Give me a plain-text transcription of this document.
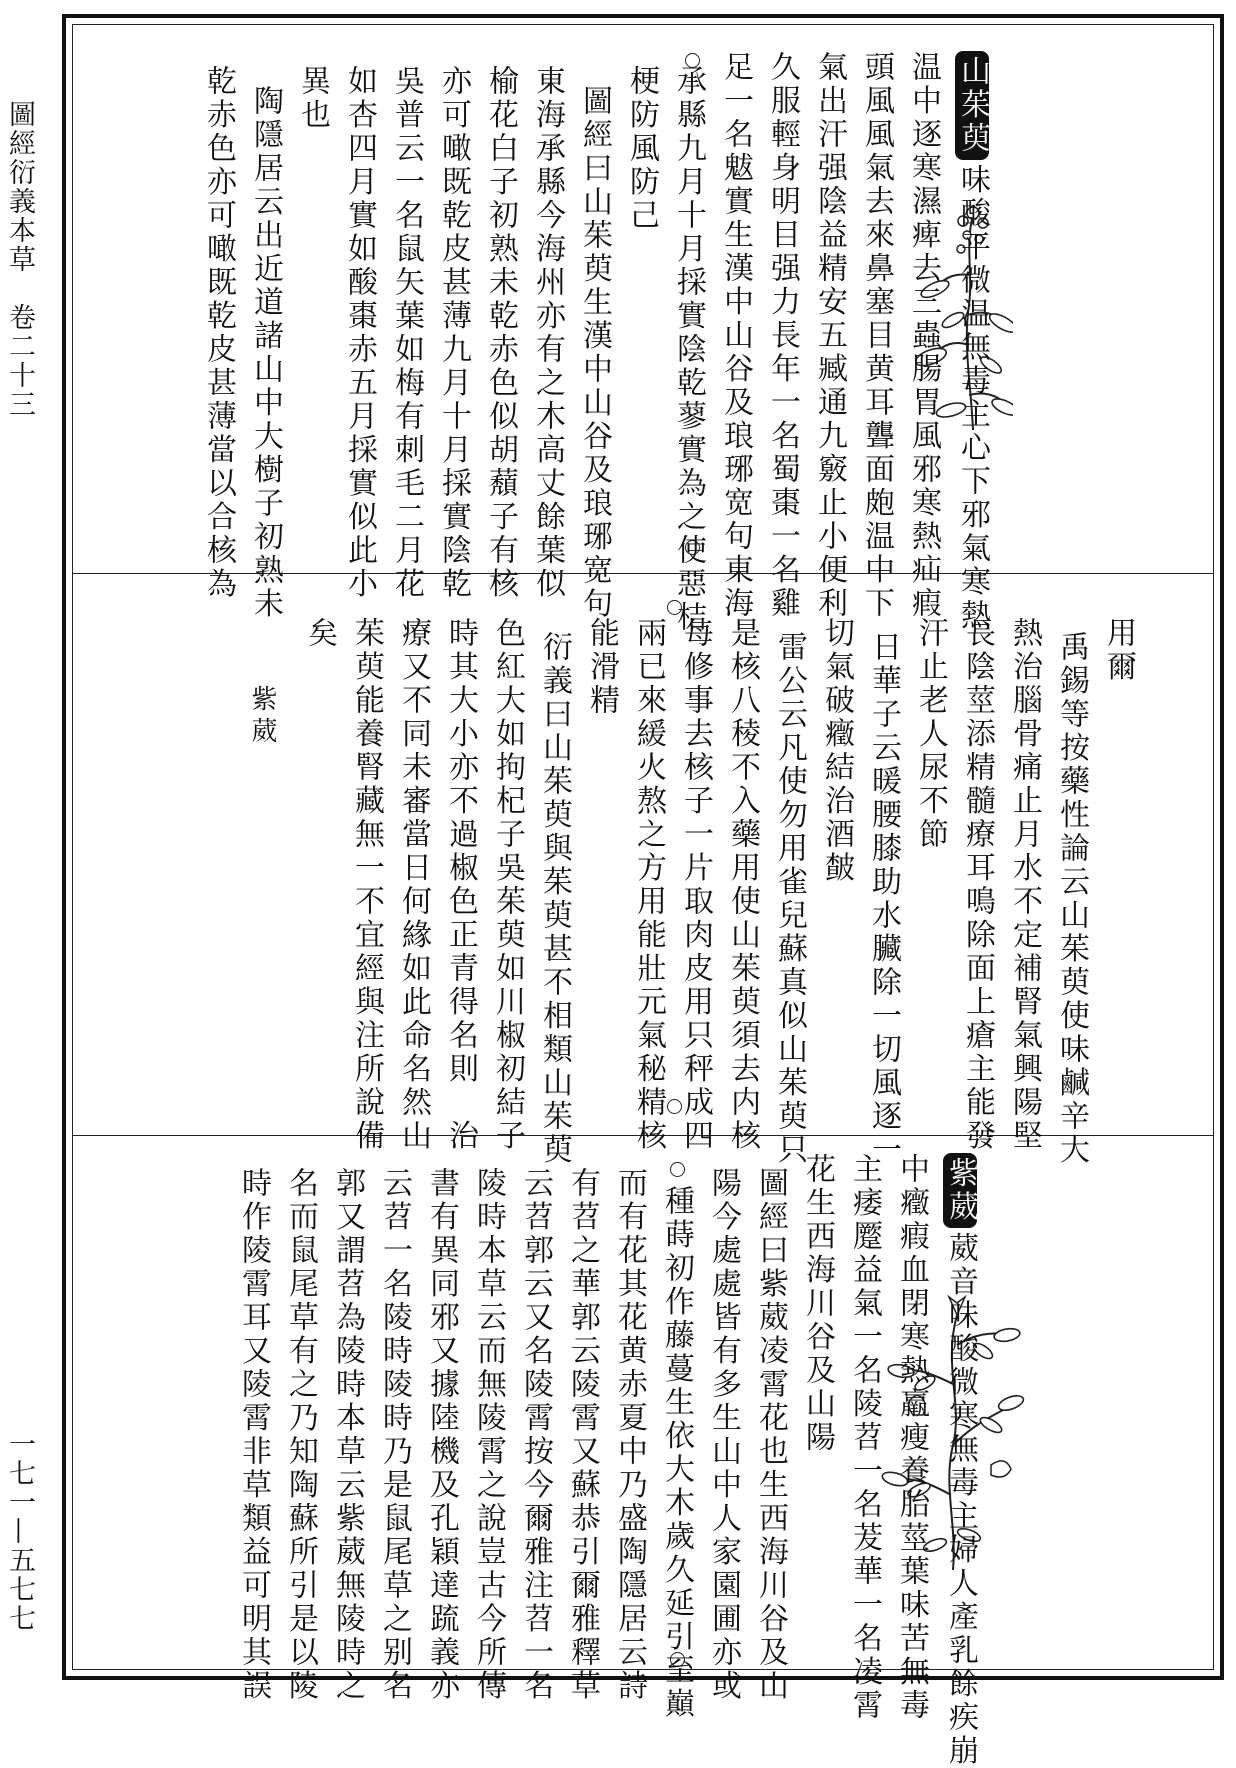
圖經衍義本草　卷二十三
一七一—五七七
山茱萸味酸平微温無毒主心下邪氣寒熱
温中逐寒濕痺去三蟲腸胃風邪寒熱疝瘕
頭風風氣去來鼻塞目黄耳聾面皰温中下
氣出汗强陰益精安五臧通九竅止小便利
久服輕身明目强力長年一名蜀棗一名雞
足一名魃實生漢中山谷及琅琊宽句東海
承縣九月十月採實陰乾蓼實為之使惡桔
梗防風防己
圖經曰山茱萸生漢中山谷及琅琊宽句
東海承縣今海州亦有之木高丈餘葉似
榆花白子初熟未乾赤色似胡蘈子有核
亦可噉既乾皮甚薄九月十月採實陰乾
吳普云一名鼠矢葉如梅有刺毛二月花
如杏四月實如酸棗赤五月採實似此小
異也
陶隱居云出近道諸山中大樹子初熟未
乾赤色亦可噉既乾皮甚薄當以合核為
用爾
禹錫等按藥性論云山茱萸使味鹹辛大
熱治腦骨痛止月水不定補腎氣興陽堅
長陰莖添精髓療耳鳴除面上瘡主能發
汗止老人尿不節
日華子云暖腰膝助水臟除一切風逐一
切氣破癥結治酒皶
雷公云凡使勿用雀兒蘇真似山茱萸只
是核八稜不入藥用使山茱萸須去内核
每修事去核子一片取肉皮用只秤成四
兩已來緩火熬之方用能壯元氣秘精核
能滑精
衍義曰山茱萸與茱萸甚不相類山茱萸
色紅大如拘杞子吳茱萸如川椒初結子
時其大小亦不過椒色正青得名則　治
療又不同未審當日何緣如此命名然山
茱萸能養腎藏無一不宜經與注所說備
矣
紫葳
紫葳葳音味酸微寒無毒主婦人產乳餘疾崩
中癥瘕血閉寒熱羸瘦養胎莖葉味苦無毒
主痿蹷益氣一名陵苕一名茇華一名凌霄
花生西海川谷及山陽
圖經曰紫葳凌霄花也生西海川谷及山
陽今處處皆有多生山中人家園圃亦或
種蒔初作藤蔓生依大木歲久延引至巔
而有花其花黄赤夏中乃盛陶隱居云詩
有苕之華郭云陵霄又蘇恭引爾雅釋草
云苕郭云又名陵霄按今爾雅注苕一名
陵時本草云而無陵霄之說豈古今所傳
書有異同邪又據陸機及孔穎達䟽義亦
云苕一名陵時陵時乃是鼠尾草之别名
郭又謂苕為陵時本草云紫葳無陵時之
名而鼠尾草有之乃知陶蘇所引是以陵
時作陵霄耳又陵霄非草類益可明其誤
